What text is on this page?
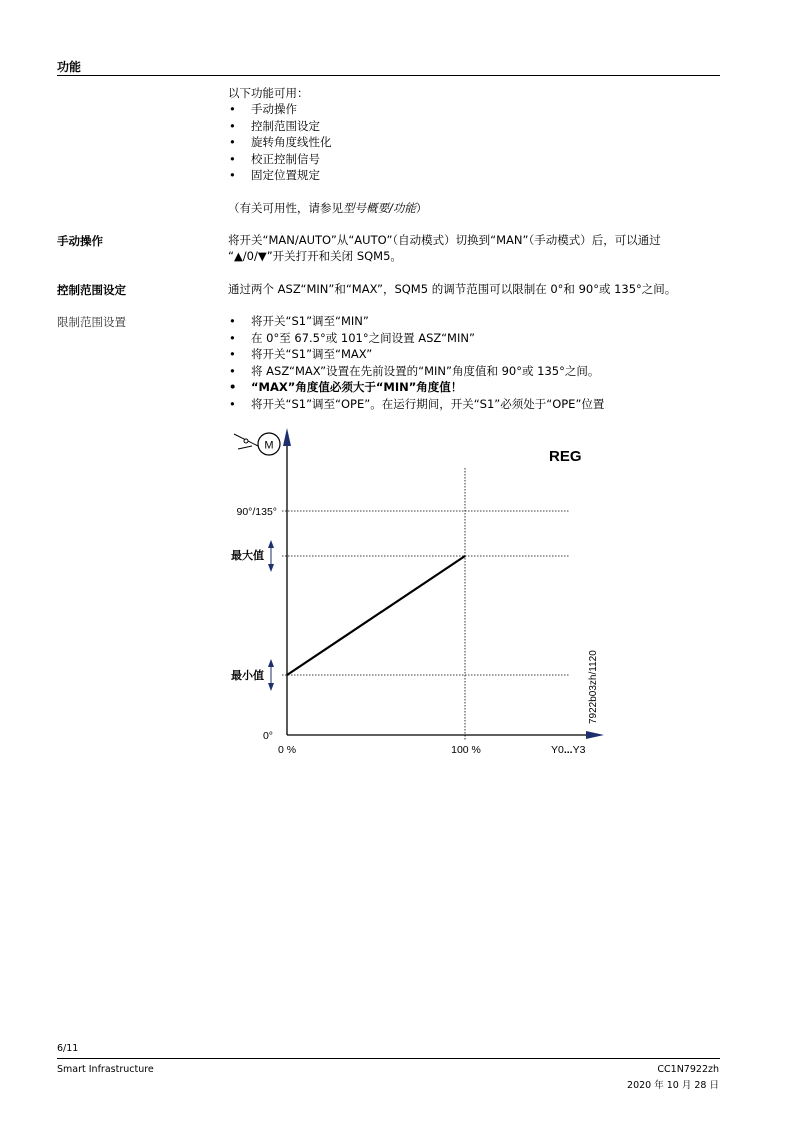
功能
以下功能可用：
• 手动操作
• 控制范围设定
• 旋转角度线性化
• 校正控制信号
• 固定位置规定
（有关可用性，请参见型号概要/功能）
手动操作	将开关“MAN/AUTO”从“AUTO”（自动模式）切换到“MAN”（手动模式）后，可以通过
“▲/0/▼”开关打开和关闭 SQM5。
控制范围设定	通过两个 ASZ“MIN”和“MAX”，SQM5 的调节范围可以限制在 0°和 90°或 135°之间。
限制范围设置	• 将开关“S1”调至“MIN”
• 在 0°至 67.5°或 101°之间设置 ASZ“MIN”
• 将开关“S1”调至“MAX”
• 将 ASZ“MAX”设置在先前设置的“MIN”角度值和 90°或 135°之间。
• “MAX”角度值必须大于“MIN”角度值！
• 将开关“S1”调至“OPE”。在运行期间，开关“S1”必须处于“OPE”位置
M
REG
90°/135°
最大值
最小值
0°
0 %	100 %	Y0...Y3
7922b03zh/1120
6/11
Smart Infrastructure	CC1N7922zh
2020 年 10 月 28 日
